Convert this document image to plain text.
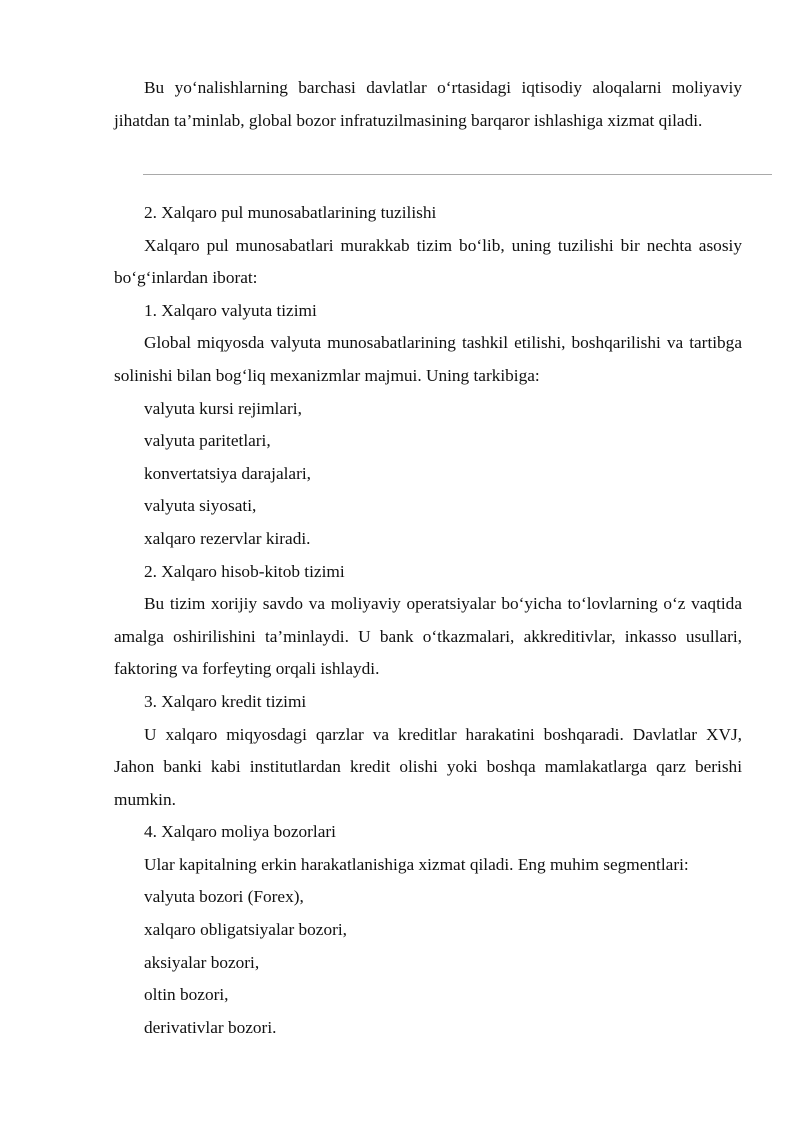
Bu yo‘nalishlarning barchasi davlatlar o‘rtasidagi iqtisodiy aloqalarni moliyaviy jihatdan ta’minlab, global bozor infratuzilmasining barqaror ishlashiga xizmat qiladi.

2. Xalqaro pul munosabatlarining tuzilishi

Xalqaro pul munosabatlari murakkab tizim bo‘lib, uning tuzilishi bir nechta asosiy bo‘g‘inlardan iborat:

1. Xalqaro valyuta tizimi

Global miqyosda valyuta munosabatlarining tashkil etilishi, boshqarilishi va tartibga solinishi bilan bog‘liq mexanizmlar majmui. Uning tarkibiga:

valyuta kursi rejimlari,

valyuta paritetlari,

konvertatsiya darajalari,

valyuta siyosati,

xalqaro rezervlar kiradi.

2. Xalqaro hisob-kitob tizimi

Bu tizim xorijiy savdo va moliyaviy operatsiyalar bo‘yicha to‘lovlarning o‘z vaqtida amalga oshirilishini ta’minlaydi. U bank o‘tkazmalari, akkreditivlar, inkasso usullari, faktoring va forfeyting orqali ishlaydi.

3. Xalqaro kredit tizimi

U xalqaro miqyosdagi qarzlar va kreditlar harakatini boshqaradi. Davlatlar XVJ, Jahon banki kabi institutlardan kredit olishi yoki boshqa mamlakatlarga qarz berishi mumkin.

4. Xalqaro moliya bozorlari

Ular kapitalning erkin harakatlanishiga xizmat qiladi. Eng muhim segmentlari:

valyuta bozori (Forex),

xalqaro obligatsiyalar bozori,

aksiyalar bozori,

oltin bozori,

derivativlar bozori.
